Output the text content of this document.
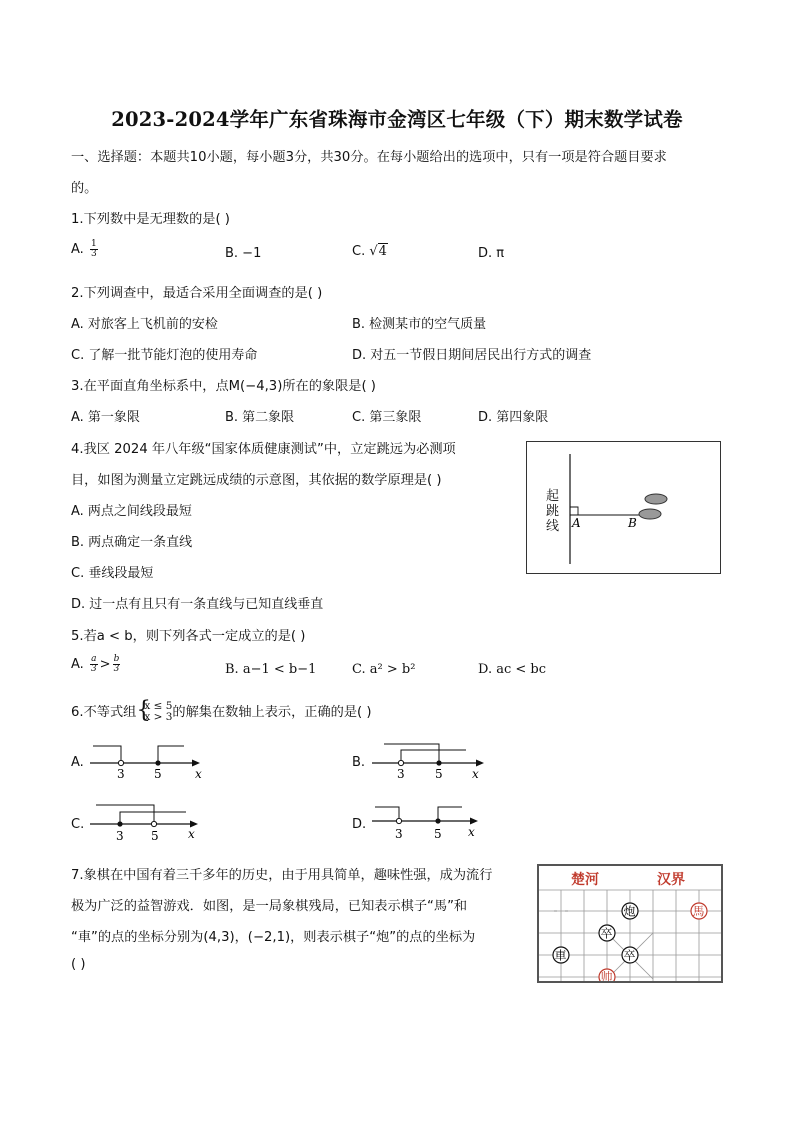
2023-2024学年广东省珠海市金湾区七年级（下）期末数学试卷
一、选择题：本题共10小题，每小题3分，共30分。在每小题给出的选项中，只有一项是符合题目要求
的。
1.下列数中是无理数的是( )
A. $\frac{1}{3}$	B. −1	C. √4	D. π
2.下列调查中，最适合采用全面调查的是( )
A. 对旅客上飞机前的安检	B. 检测某市的空气质量
C. 了解一批节能灯泡的使用寿命	D. 对五一节假日期间居民出行方式的调查
3.在平面直角坐标系中，点M(−4,3)所在的象限是( )
A. 第一象限	B. 第二象限	C. 第三象限	D. 第四象限
4.我区 2024 年八年级“国家体质健康测试”中，立定跳远为必测项
目，如图为测量立定跳远成绩的示意图，其依据的数学原理是( )
A. 两点之间线段最短
B. 两点确定一条直线
C. 垂线段最短
D. 过一点有且只有一条直线与已知直线垂直
A	B
起跳线
5.若a < b，则下列各式一定成立的是( )
A. $\frac{a}{3} > \frac{b}{3}$	B. a−1 < b−1	C. a² > b²	D. ac < bc
6.不等式组 {
x ≤ 5
x > 3 的解集在数轴上表示，正确的是( )
A.
3 5	x
B.
3	5 x
C.
3 5 x
D.
3	5 x
7.象棋在中国有着三千多年的历史，由于用具简单，趣味性强，成为流行
极为广泛的益智游戏．如图，是一局象棋残局，已知表示棋子“馬”和
“車”的点的坐标分别为(4,3)，(−2,1)，则表示棋子“炮”的点的坐标为
( )
楚河	汉界
炮	馬
卒
卒
車
帅
